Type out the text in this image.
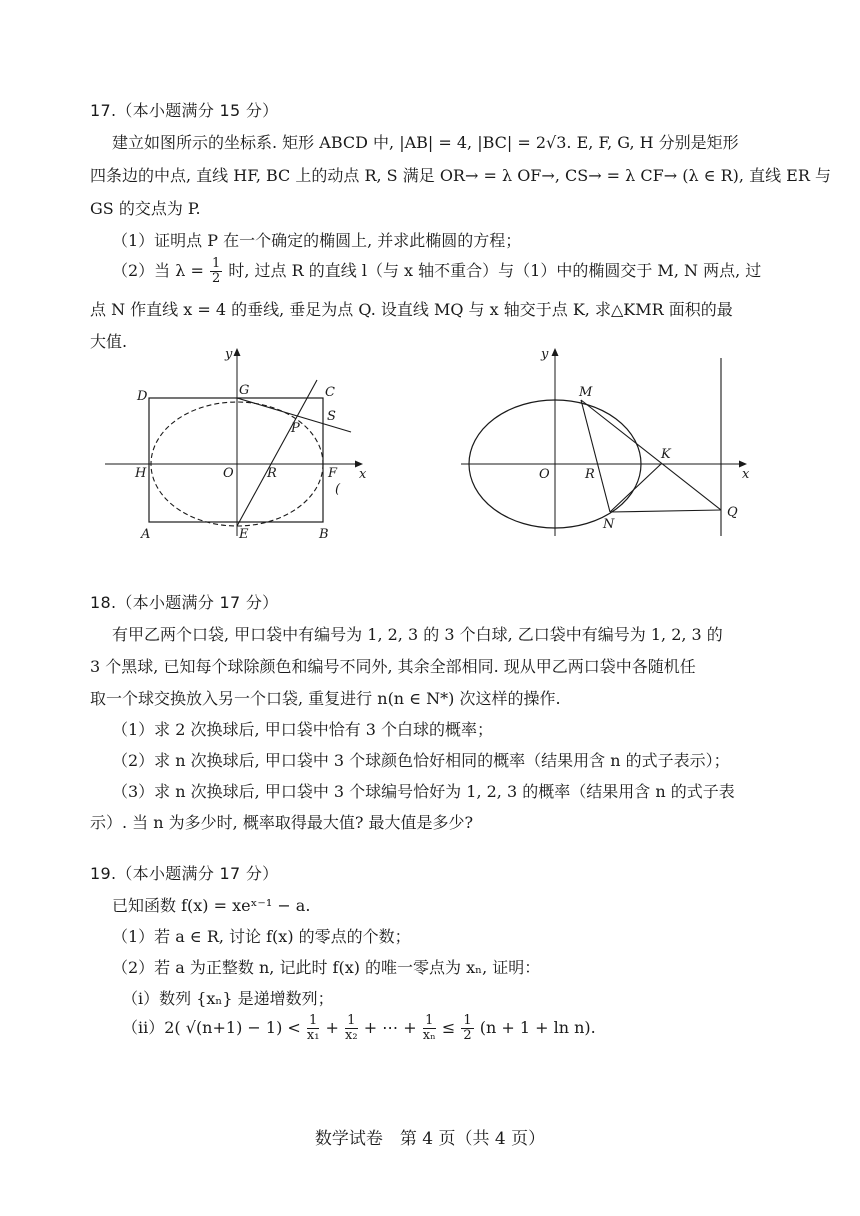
17.（本小题满分 15 分）
建立如图所示的坐标系. 矩形 ABCD 中, |AB| = 4, |BC| = 2√3. E, F, G, H 分别是矩形
四条边的中点, 直线 HF, BC 上的动点 R, S 满足 OR→ = λ OF→, CS→ = λ CF→ (λ ∈ R), 直线 ER 与
GS 的交点为 P.
（1）证明点 P 在一个确定的椭圆上, 并求此椭圆的方程；
（2）当 $\lambda = \frac{1}{2}$ 时, 过点 R 的直线 l（与 x 轴不重合）与（1）中的椭圆交于 M, N 两点, 过
点 N 作直线 x = 4 的垂线, 垂足为点 Q. 设直线 MQ 与 x 轴交于点 K, 求△KMR 面积的最
大值.
y
x
D	G	C
S
P
H	O	R	F
(
A	E	B
y
x
M
K
O	R
N
Q
18.（本小题满分 17 分）
有甲乙两个口袋, 甲口袋中有编号为 1, 2, 3 的 3 个白球, 乙口袋中有编号为 1, 2, 3 的
3 个黑球, 已知每个球除颜色和编号不同外, 其余全部相同. 现从甲乙两口袋中各随机任
取一个球交换放入另一个口袋, 重复进行 n(n ∈ N*) 次这样的操作.
（1）求 2 次换球后, 甲口袋中恰有 3 个白球的概率；
（2）求 n 次换球后, 甲口袋中 3 个球颜色恰好相同的概率（结果用含 n 的式子表示）；
（3）求 n 次换球后, 甲口袋中 3 个球编号恰好为 1, 2, 3 的概率（结果用含 n 的式子表
示）. 当 n 为多少时, 概率取得最大值? 最大值是多少?
19.（本小题满分 17 分）
已知函数 f(x) = xeˣ⁻¹ − a.
（1）若 a ∈ R, 讨论 f(x) 的零点的个数；
（2）若 a 为正整数 n, 记此时 f(x) 的唯一零点为 xₙ, 证明：
（i）数列 {xₙ} 是递增数列；
（ii）2( $√(n+1) - 1) < \frac{1}{\text{x₁}} + \frac{1}{\text{x₂}}$ + ⋯ + $\frac{1}{\text{xₙ}} \le \frac{1}{2} (n + 1 + \ln n)$.
数学试卷　第 4 页（共 4 页）
